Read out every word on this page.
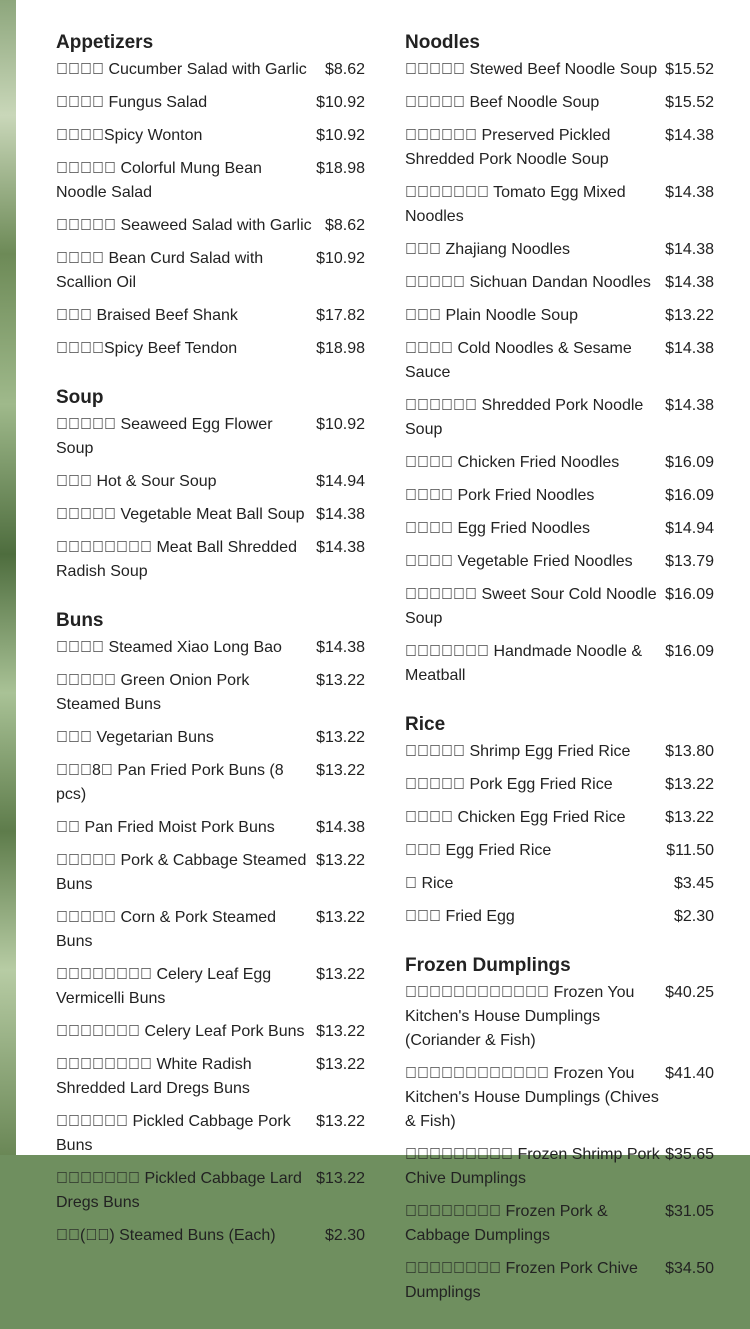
Appetizers
     Cucumber Salad with Garlic	$8.62
     Fungus Salad	$10.92
    Spicy Wonton	$10.92
      Colorful Mung Bean Noodle Salad
$18.98
      Seaweed Salad with Garlic $8.62
     Bean Curd Salad with Scallion Oil
$10.92
    Braised Beef Shank	$17.82
    Spicy Beef Tendon	$18.98
Soup
      Seaweed Egg Flower Soup
$10.92
    Hot & Sour Soup	$14.94
      Vegetable Meat Ball Soup $14.38
         Meat Ball Shredded Radish Soup
$14.38
Buns
     Steamed Xiao Long Bao	$14.38
      Green Onion Pork Steamed Buns
$13.22
    Vegetarian Buns	$13.22
   8  Pan Fried Pork Buns (8 pcs)
$13.22
   Pan Fried Moist Pork Buns	$14.38
      Pork & Cabbage Steamed Buns
$13.22
      Corn & Pork Steamed Buns
$13.22
         Celery Leaf Egg Vermicelli Buns
$13.22
        Celery Leaf Pork Buns $13.22
         White Radish Shredded Lard Dregs Buns
$13.22
       Pickled Cabbage Pork Buns
$13.22
        Pickled Cabbage Lard Dregs Buns
$13.22
  (  ) Steamed Buns (Each)	$2.30
Noodles
      Stewed Beef Noodle Soup $15.52
      Beef Noodle Soup	$15.52
       Preserved Pickled Shredded Pork Noodle Soup
$14.38
        Tomato Egg Mixed Noodles
$14.38
    Zhajiang Noodles	$14.38
      Sichuan Dandan Noodles $14.38
    Plain Noodle Soup	$13.22
     Cold Noodles & Sesame Sauce
$14.38
       Shredded Pork Noodle Soup
$14.38
     Chicken Fried Noodles	$16.09
     Pork Fried Noodles	$16.09
     Egg Fried Noodles	$14.94
     Vegetable Fried Noodles	$13.79
       Sweet Sour Cold Noodle Soup
$16.09
        Handmade Noodle & Meatball
$16.09
Rice
      Shrimp Egg Fried Rice	$13.80
      Pork Egg Fried Rice	$13.22
     Chicken Egg Fried Rice	$13.22
    Egg Fried Rice	$11.50
  Rice	$3.45
    Fried Egg	$2.30
Frozen Dumplings
             Frozen You Kitchen's House Dumplings (Coriander & Fish)
$40.25
             Frozen You Kitchen's House Dumplings (Chives & Fish)
$41.40
          Frozen Shrimp Pork Chive Dumplings
$35.65
         Frozen Pork & Cabbage Dumplings
$31.05
         Frozen Pork Chive Dumplings
$34.50
